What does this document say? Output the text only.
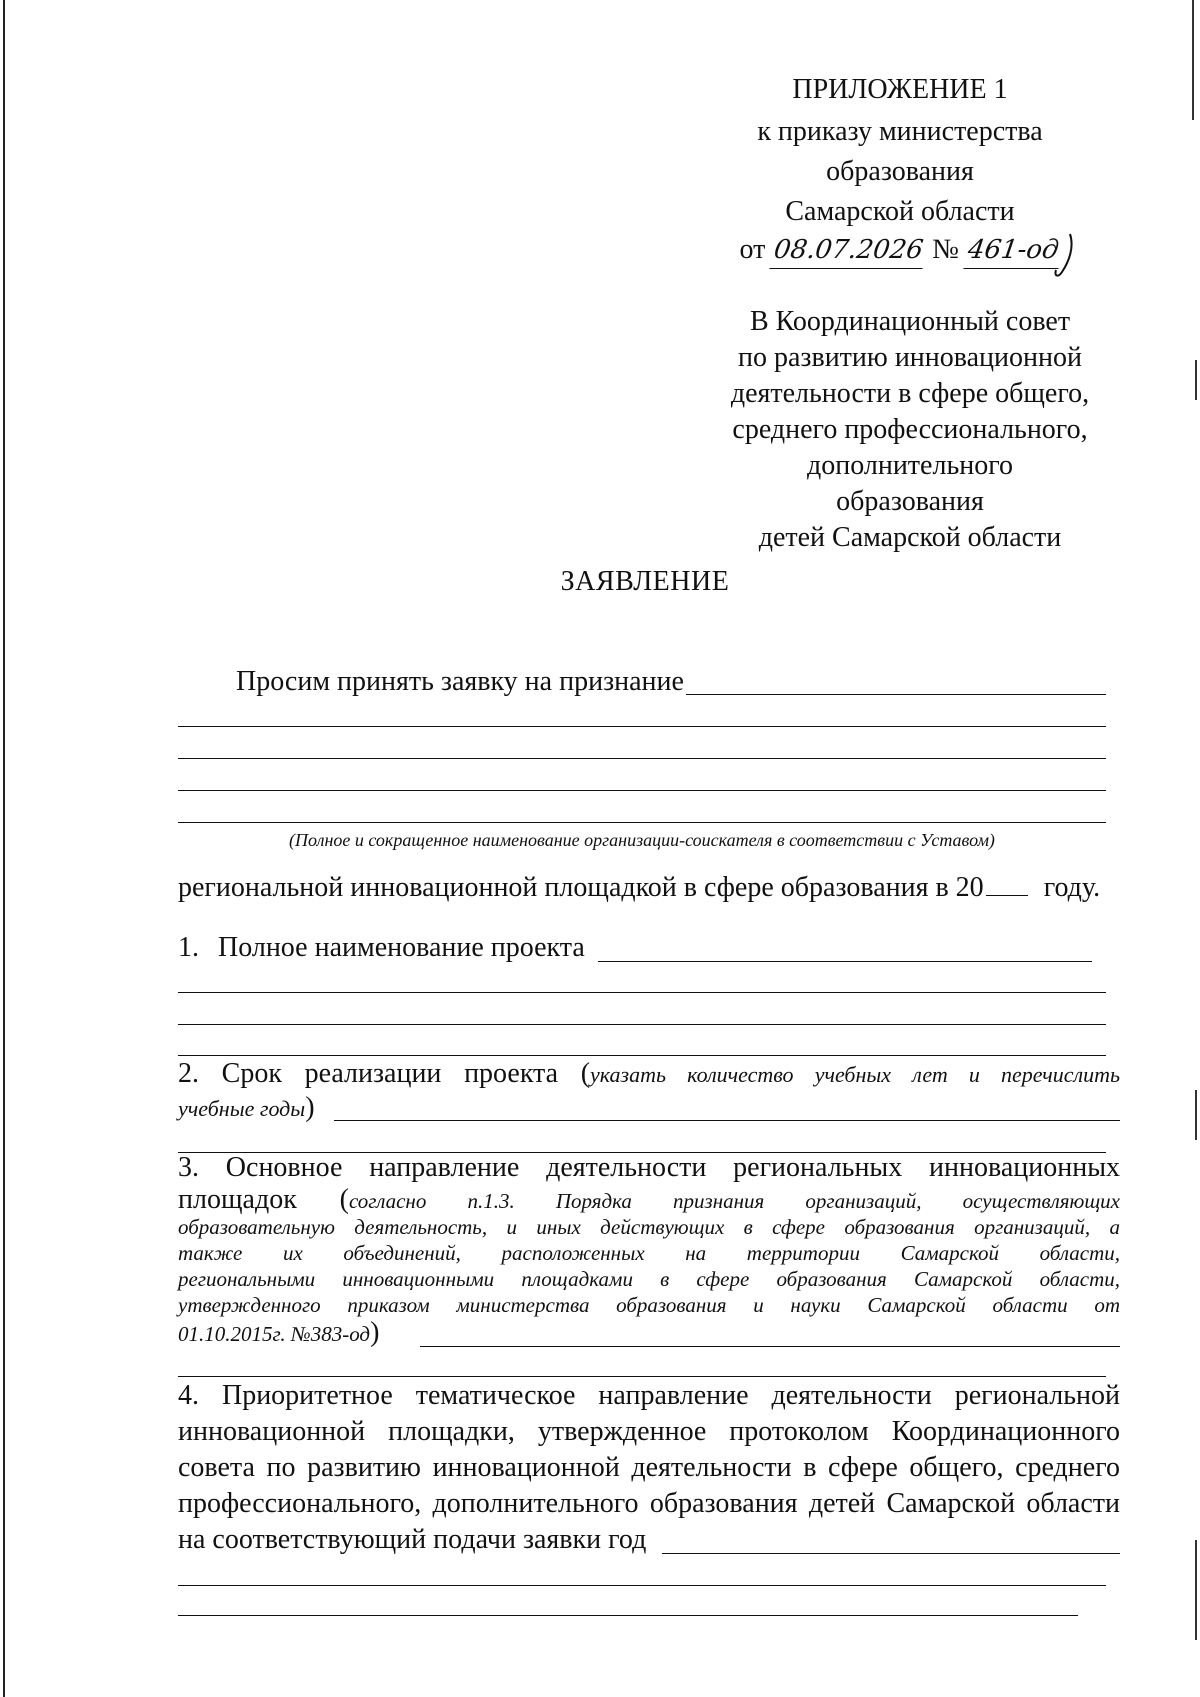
ПРИЛОЖЕНИЕ 1
к приказу министерства
образования
Самарской области
от 08.07.2026 № 461-од
В Координационный совет
по развитию инновационной
деятельности в сфере общего,
среднего профессионального,
дополнительного образования
детей Самарской области
ЗАЯВЛЕНИЕ
Просим принять заявку на признание
(Полное и сокращенное наименование организации-соискателя в соответствии с Уставом)
региональной инновационной площадкой в сфере образования в 20 году.
1. Полное наименование проекта
2. Срок реализации проекта (указать количество учебных лет и перечислить
учебные годы)
3. Основное направление деятельности региональных инновационных
площадок (согласно п.1.3. Порядка признания организаций, осуществляющих
образовательную деятельность, и иных действующих в сфере образования организаций, а
также их объединений, расположенных на территории Самарской области,
региональными инновационными площадками в сфере образования Самарской области,
утвержденного приказом министерства образования и науки Самарской области от
01.10.2015г. №383-од)
4. Приоритетное тематическое направление деятельности региональной
инновационной площадки, утвержденное протоколом Координационного
совета по развитию инновационной деятельности в сфере общего, среднего
профессионального, дополнительного образования детей Самарской области
на соответствующий подачи заявки год
